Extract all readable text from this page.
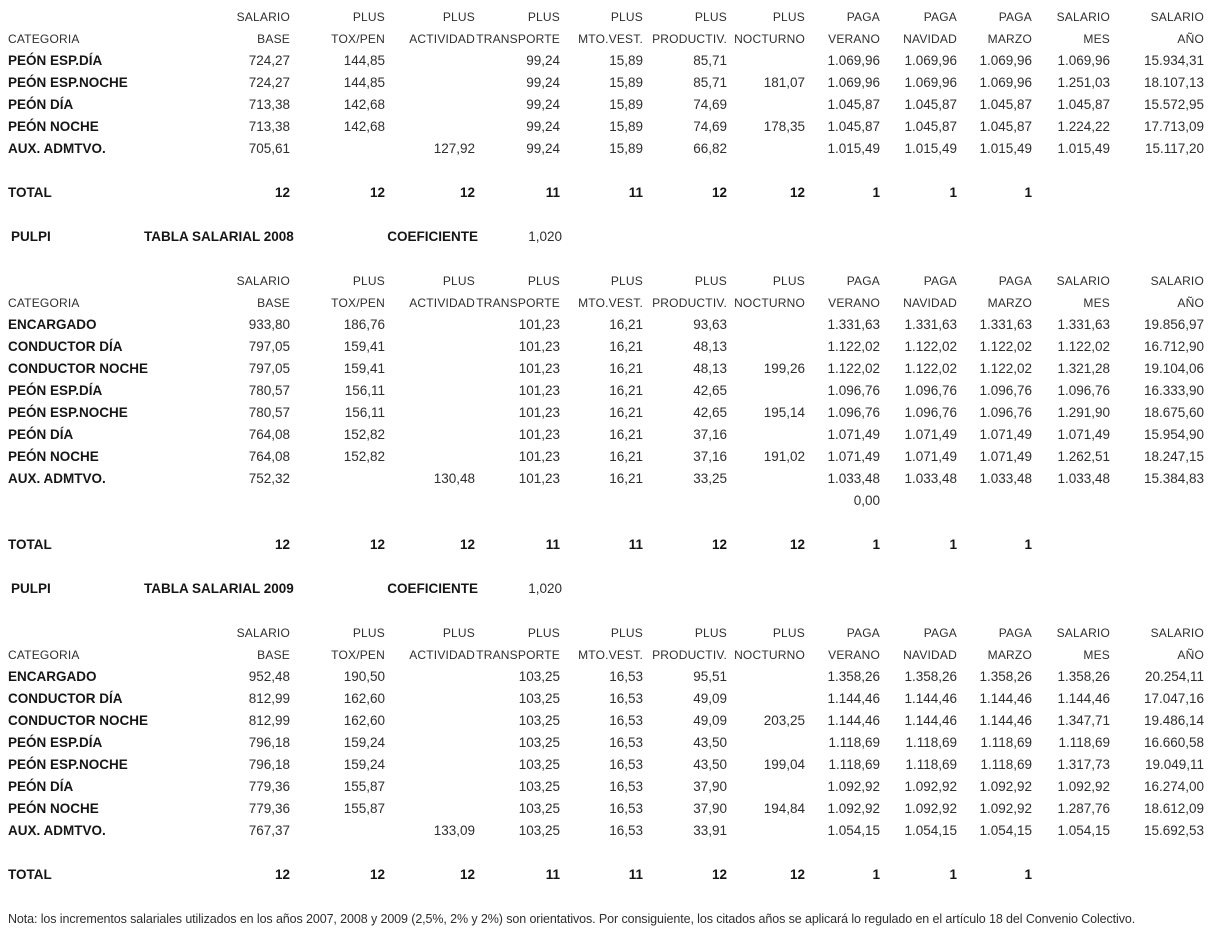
	SALARIO	PLUS	PLUS	PLUS	PLUS	PLUS	PLUS	PAGA	PAGA	PAGA	SALARIO	SALARIO
CATEGORIA	BASE	TOX/PEN	ACTIVIDAD	TRANSPORTE	MTO.VEST.	PRODUCTIV.	NOCTURNO	VERANO	NAVIDAD	MARZO	MES	AÑO
PEÓN ESP.DÍA	724,27	144,85		99,24	15,89	85,71		1.069,96	1.069,96	1.069,96	1.069,96	15.934,31
PEÓN ESP.NOCHE	724,27	144,85		99,24	15,89	85,71	181,07	1.069,96	1.069,96	1.069,96	1.251,03	18.107,13
PEÓN DÍA	713,38	142,68		99,24	15,89	74,69		1.045,87	1.045,87	1.045,87	1.045,87	15.572,95
PEÓN NOCHE	713,38	142,68		99,24	15,89	74,69	178,35	1.045,87	1.045,87	1.045,87	1.224,22	17.713,09
AUX. ADMTVO.	705,61		127,92	99,24	15,89	66,82		1.015,49	1.015,49	1.015,49	1.015,49	15.117,20

TOTAL	12	12	12	11	11	12	12	1	1	1		
PULPI	TABLA SALARIAL 2008	COEFICIENTE	1,020
	SALARIO	PLUS	PLUS	PLUS	PLUS	PLUS	PLUS	PAGA	PAGA	PAGA	SALARIO	SALARIO
CATEGORIA	BASE	TOX/PEN	ACTIVIDAD	TRANSPORTE	MTO.VEST.	PRODUCTIV.	NOCTURNO	VERANO	NAVIDAD	MARZO	MES	AÑO
ENCARGADO	933,80	186,76		101,23	16,21	93,63		1.331,63	1.331,63	1.331,63	1.331,63	19.856,97
CONDUCTOR DÍA	797,05	159,41		101,23	16,21	48,13		1.122,02	1.122,02	1.122,02	1.122,02	16.712,90
CONDUCTOR NOCHE	797,05	159,41		101,23	16,21	48,13	199,26	1.122,02	1.122,02	1.122,02	1.321,28	19.104,06
PEÓN ESP.DÍA	780,57	156,11		101,23	16,21	42,65		1.096,76	1.096,76	1.096,76	1.096,76	16.333,90
PEÓN ESP.NOCHE	780,57	156,11		101,23	16,21	42,65	195,14	1.096,76	1.096,76	1.096,76	1.291,90	18.675,60
PEÓN DÍA	764,08	152,82		101,23	16,21	37,16		1.071,49	1.071,49	1.071,49	1.071,49	15.954,90
PEÓN NOCHE	764,08	152,82		101,23	16,21	37,16	191,02	1.071,49	1.071,49	1.071,49	1.262,51	18.247,15
AUX. ADMTVO.	752,32		130,48	101,23	16,21	33,25		1.033,48	1.033,48	1.033,48	1.033,48	15.384,83
								0,00				

TOTAL	12	12	12	11	11	12	12	1	1	1		
PULPI	TABLA SALARIAL 2009	COEFICIENTE	1,020
	SALARIO	PLUS	PLUS	PLUS	PLUS	PLUS	PLUS	PAGA	PAGA	PAGA	SALARIO	SALARIO
CATEGORIA	BASE	TOX/PEN	ACTIVIDAD	TRANSPORTE	MTO.VEST.	PRODUCTIV.	NOCTURNO	VERANO	NAVIDAD	MARZO	MES	AÑO
ENCARGADO	952,48	190,50		103,25	16,53	95,51		1.358,26	1.358,26	1.358,26	1.358,26	20.254,11
CONDUCTOR DÍA	812,99	162,60		103,25	16,53	49,09		1.144,46	1.144,46	1.144,46	1.144,46	17.047,16
CONDUCTOR NOCHE	812,99	162,60		103,25	16,53	49,09	203,25	1.144,46	1.144,46	1.144,46	1.347,71	19.486,14
PEÓN ESP.DÍA	796,18	159,24		103,25	16,53	43,50		1.118,69	1.118,69	1.118,69	1.118,69	16.660,58
PEÓN ESP.NOCHE	796,18	159,24		103,25	16,53	43,50	199,04	1.118,69	1.118,69	1.118,69	1.317,73	19.049,11
PEÓN DÍA	779,36	155,87		103,25	16,53	37,90		1.092,92	1.092,92	1.092,92	1.092,92	16.274,00
PEÓN NOCHE	779,36	155,87		103,25	16,53	37,90	194,84	1.092,92	1.092,92	1.092,92	1.287,76	18.612,09
AUX. ADMTVO.	767,37		133,09	103,25	16,53	33,91		1.054,15	1.054,15	1.054,15	1.054,15	15.692,53

TOTAL	12	12	12	11	11	12	12	1	1	1		
Nota: los incrementos salariales utilizados en los años 2007, 2008 y 2009 (2,5%, 2% y 2%) son orientativos. Por consiguiente, los citados años se aplicará lo regulado en el artículo 18 del Convenio Colectivo.
